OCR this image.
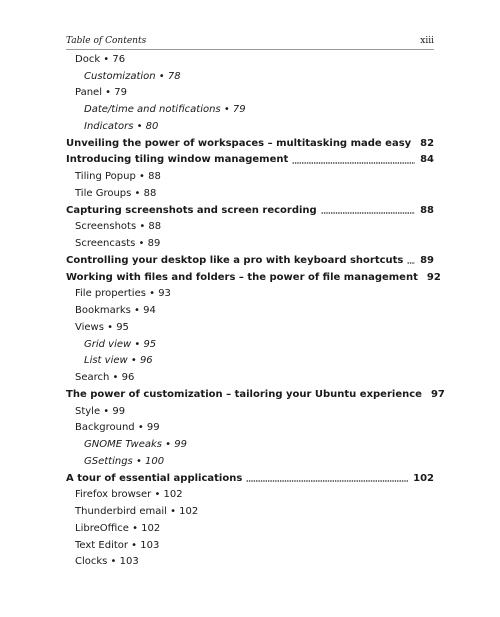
Table of Contents	xiii
Dock • 76
Customization • 78
Panel • 79
Date/time and notifications • 79
Indicators • 80
Unveiling the power of workspaces – multitasking made easy 82
Introducing tiling window management	84
Tiling Popup • 88
Tile Groups • 88
Capturing screenshots and screen recording	88
Screenshots • 88
Screencasts • 89
Controlling your desktop like a pro with keyboard shortcuts 89
Working with files and folders – the power of file management 92
File properties • 93
Bookmarks • 94
Views • 95
Grid view • 95
List view • 96
Search • 96
The power of customization – tailoring your Ubuntu experience 97
Style • 99
Background • 99
GNOME Tweaks • 99
GSettings • 100
A tour of essential applications	102
Firefox browser • 102
Thunderbird email • 102
LibreOffice • 102
Text Editor • 103
Clocks • 103
